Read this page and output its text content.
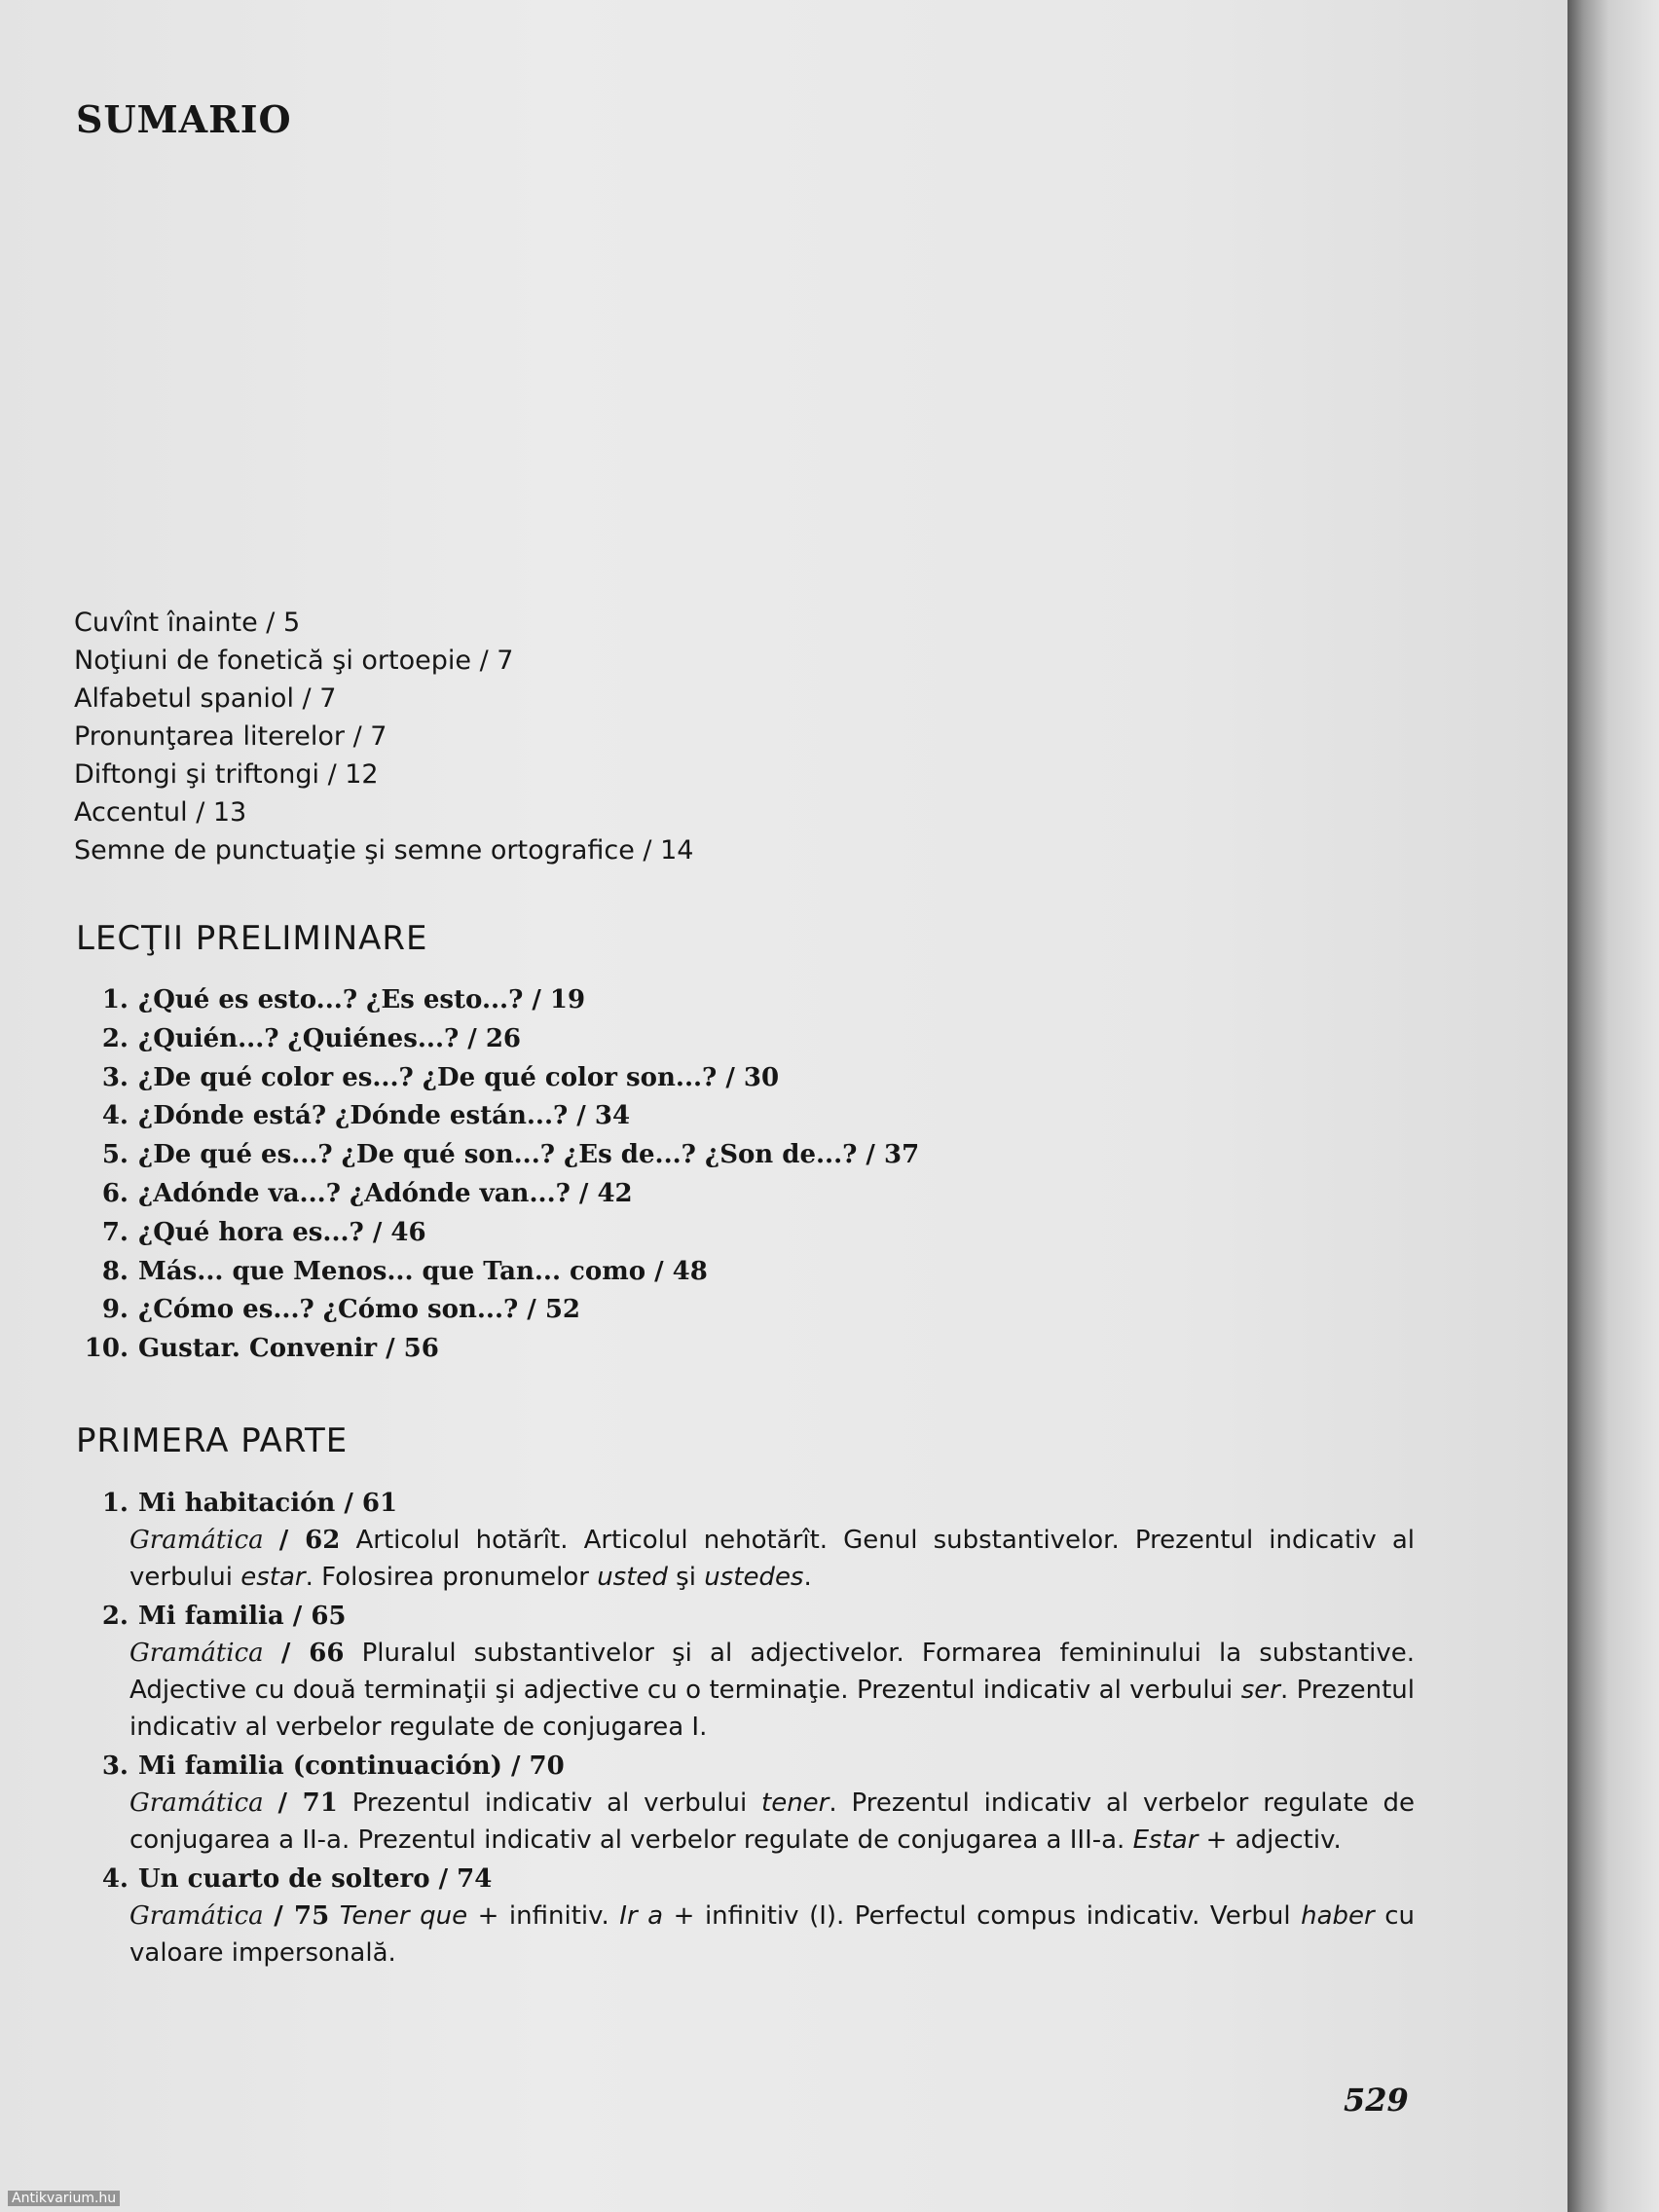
SUMARIO
Cuvînt înainte / 5
Noţiuni de fonetică şi ortoepie / 7
Alfabetul spaniol / 7
Pronunţarea literelor / 7
Diftongi şi triftongi / 12
Accentul / 13
Semne de punctuaţie şi semne ortografice / 14
LECŢII PRELIMINARE
1. ¿Qué es esto...? ¿Es esto...? / 19
2. ¿Quién...? ¿Quiénes...? / 26
3. ¿De qué color es...? ¿De qué color son...? / 30
4. ¿Dónde está? ¿Dónde están...? / 34
5. ¿De qué es...? ¿De qué son...? ¿Es de...? ¿Son de...? / 37
6. ¿Adónde va...? ¿Adónde van...? / 42
7. ¿Qué hora es...? / 46
8. Más... que Menos... que Tan... como / 48
9. ¿Cómo es...? ¿Cómo son...? / 52
10. Gustar. Convenir / 56
PRIMERA PARTE
1. Mi habitación / 61
Gramática / 62 Articolul hotărît. Articolul nehotărît. Genul substantivelor. Prezentul indicativ al verbului estar. Folosirea pronumelor usted şi ustedes.
2. Mi familia / 65
Gramática / 66 Pluralul substantivelor şi al adjectivelor. Formarea femininului la substantive. Adjective cu două terminaţii şi adjective cu o terminaţie. Prezentul indicativ al verbului ser. Prezentul indicativ al verbelor regulate de conjugarea I.
3. Mi familia (continuación) / 70
Gramática / 71 Prezentul indicativ al verbului tener. Prezentul indicativ al verbelor regulate de conjugarea a II-a. Prezentul indicativ al verbelor regulate de conjugarea a III-a. Estar + adjectiv.
4. Un cuarto de soltero / 74
Gramática / 75 Tener que + infinitiv. Ir a + infinitiv (I). Perfectul compus indicativ. Verbul haber cu valoare impersonală.
529
Antikvarium.hu
